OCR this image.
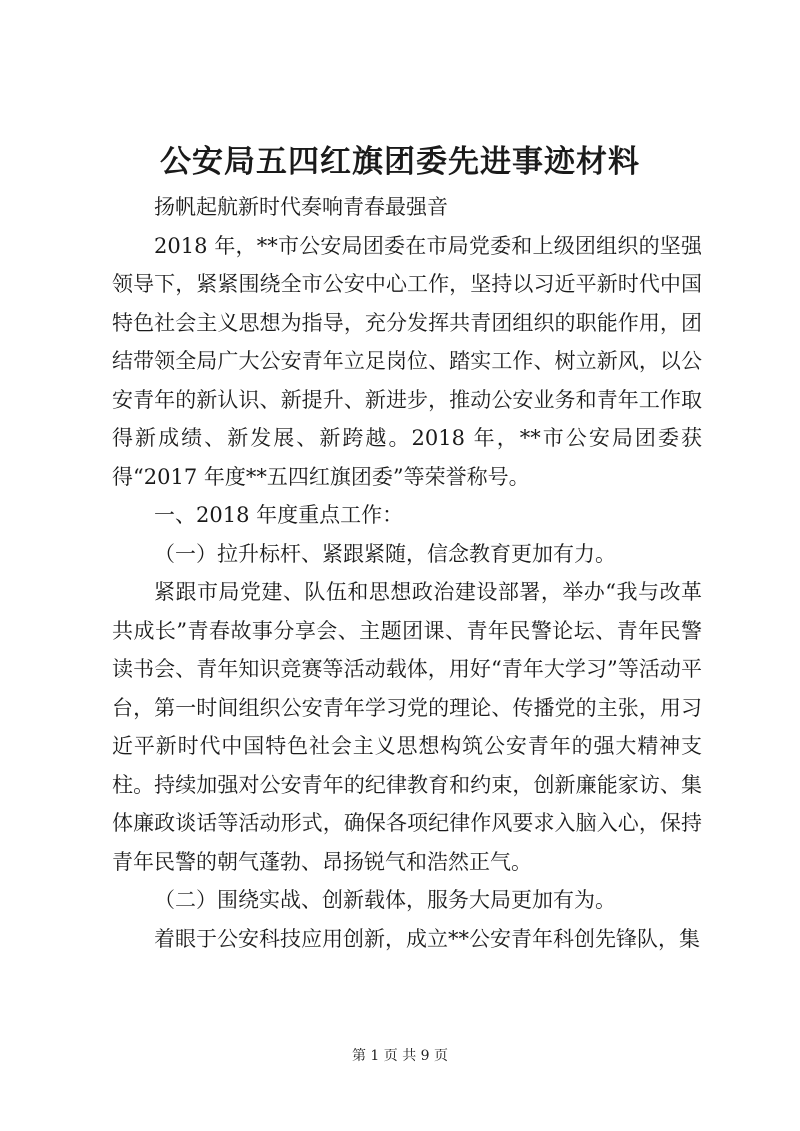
公安局五四红旗团委先进事迹材料

扬帆起航新时代奏响青春最强音

2018 年，**市公安局团委在市局党委和上级团组织的坚强领导下，紧紧围绕全市公安中心工作，坚持以习近平新时代中国特色社会主义思想为指导，充分发挥共青团组织的职能作用，团结带领全局广大公安青年立足岗位、踏实工作、树立新风，以公安青年的新认识、新提升、新进步，推动公安业务和青年工作取得新成绩、新发展、新跨越。2018 年，**市公安局团委获得“2017 年度**五四红旗团委”等荣誉称号。

一、2018 年度重点工作：

（一）拉升标杆、紧跟紧随，信念教育更加有力。

紧跟市局党建、队伍和思想政治建设部署，举办“我与改革共成长”青春故事分享会、主题团课、青年民警论坛、青年民警读书会、青年知识竞赛等活动载体，用好“青年大学习”等活动平台，第一时间组织公安青年学习党的理论、传播党的主张，用习近平新时代中国特色社会主义思想构筑公安青年的强大精神支柱。持续加强对公安青年的纪律教育和约束，创新廉能家访、集体廉政谈话等活动形式，确保各项纪律作风要求入脑入心，保持青年民警的朝气蓬勃、昂扬锐气和浩然正气。

（二）围绕实战、创新载体，服务大局更加有为。

着眼于公安科技应用创新，成立**公安青年科创先锋队，集

第 1 页 共 9 页
